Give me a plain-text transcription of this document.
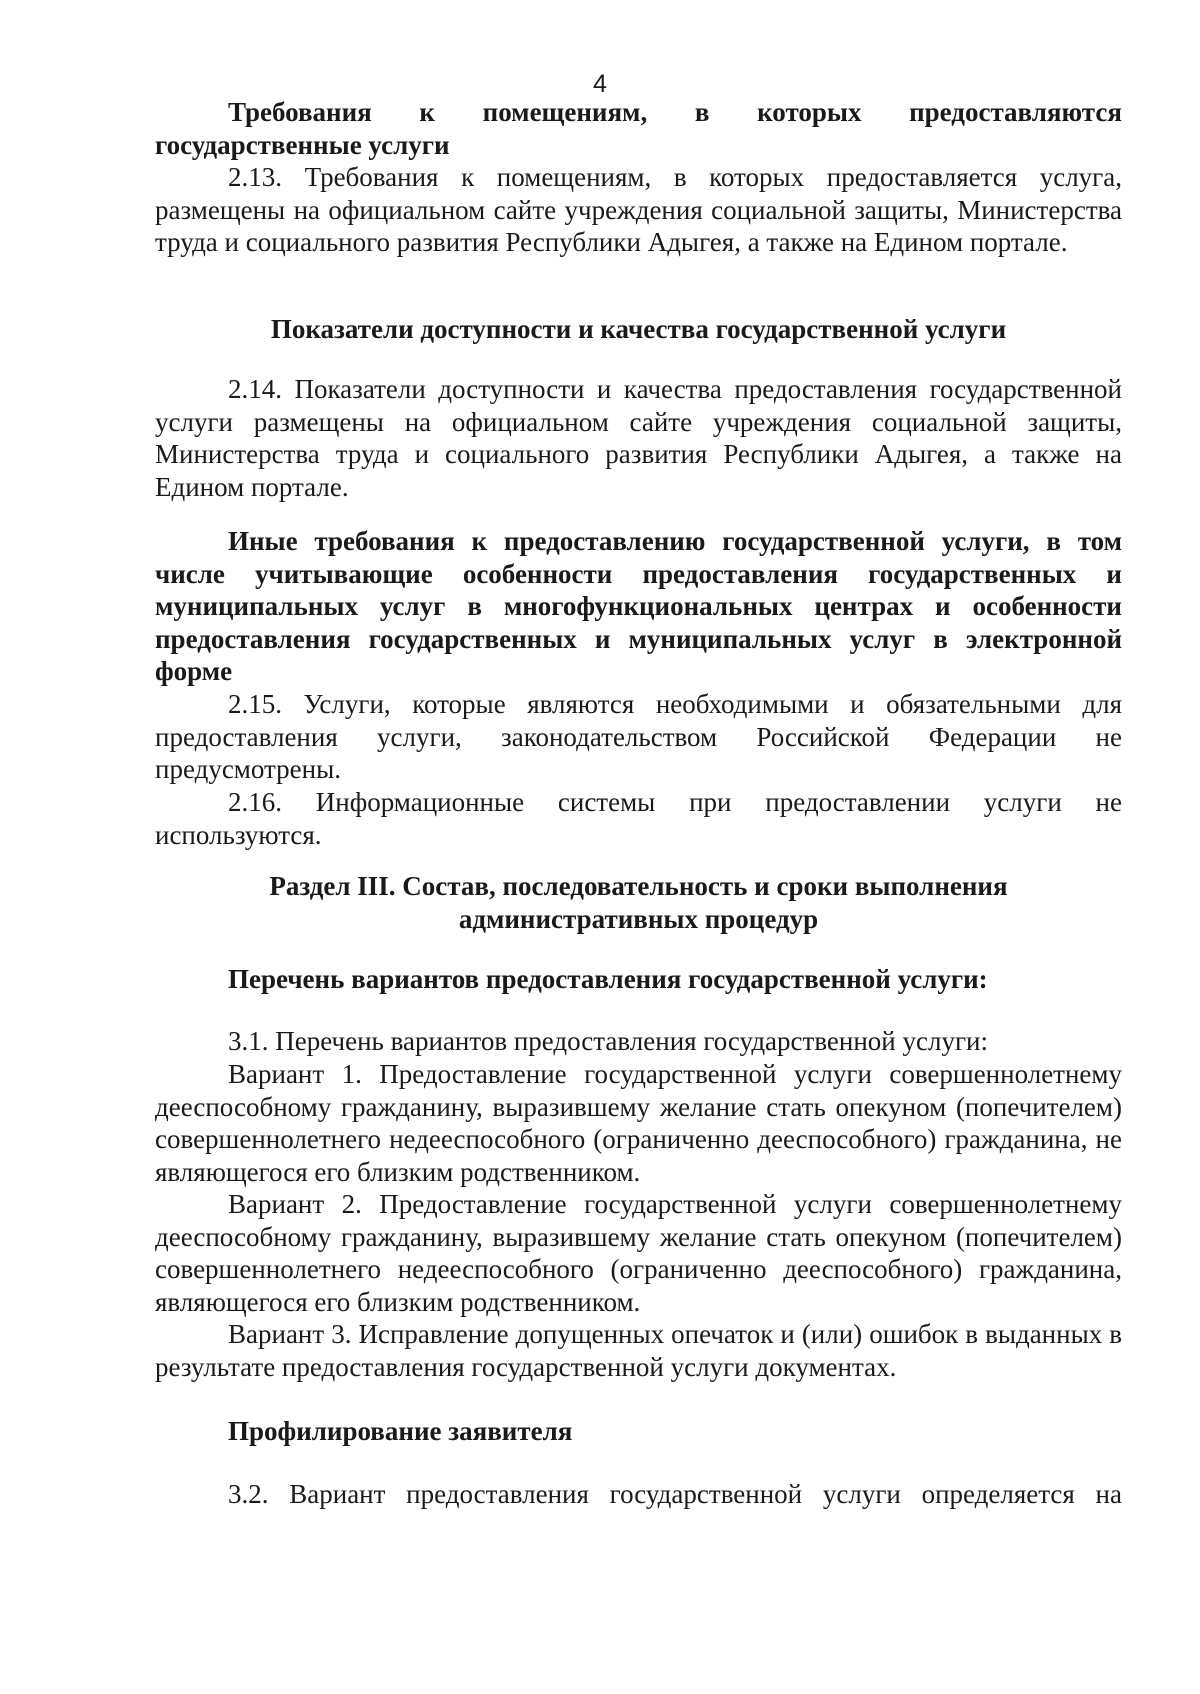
4
Требования к помещениям, в которых предоставляются государственные услуги
2.13. Требования к помещениям, в которых предоставляется услуга, размещены на официальном сайте учреждения социальной защиты, Министерства труда и социального развития Республики Адыгея, а также на Едином портале.
Показатели доступности и качества государственной услуги
2.14. Показатели доступности и качества предоставления государственной услуги размещены на официальном сайте учреждения социальной защиты, Министерства труда и социального развития Республики Адыгея, а также на Едином портале.
Иные требования к предоставлению государственной услуги, в том числе учитывающие особенности предоставления государственных и муниципальных услуг в многофункциональных центрах и особенности предоставления государственных и муниципальных услуг в электронной форме
2.15. Услуги, которые являются необходимыми и обязательными для предоставления услуги, законодательством Российской Федерации не предусмотрены.
2.16. Информационные системы при предоставлении услуги не используются.

Раздел III. Состав, последовательность и сроки выполнения

административных процедур

Перечень вариантов предоставления государственной услуги:
3.1. Перечень вариантов предоставления государственной услуги:
Вариант 1. Предоставление государственной услуги совершеннолетнему дееспособному гражданину, выразившему желание стать опекуном (попечителем) совершеннолетнего недееспособного (ограниченно дееспособного) гражданина, не являющегося его близким родственником.
Вариант 2. Предоставление государственной услуги совершеннолетнему дееспособному гражданину, выразившему желание стать опекуном (попечителем) совершеннолетнего недееспособного (ограниченно дееспособного) гражданина, являющегося его близким родственником.
Вариант 3. Исправление допущенных опечаток и (или) ошибок в выданных в результате предоставления государственной услуги документах.
Профилирование заявителя
3.2. Вариант предоставления государственной услуги определяется на
